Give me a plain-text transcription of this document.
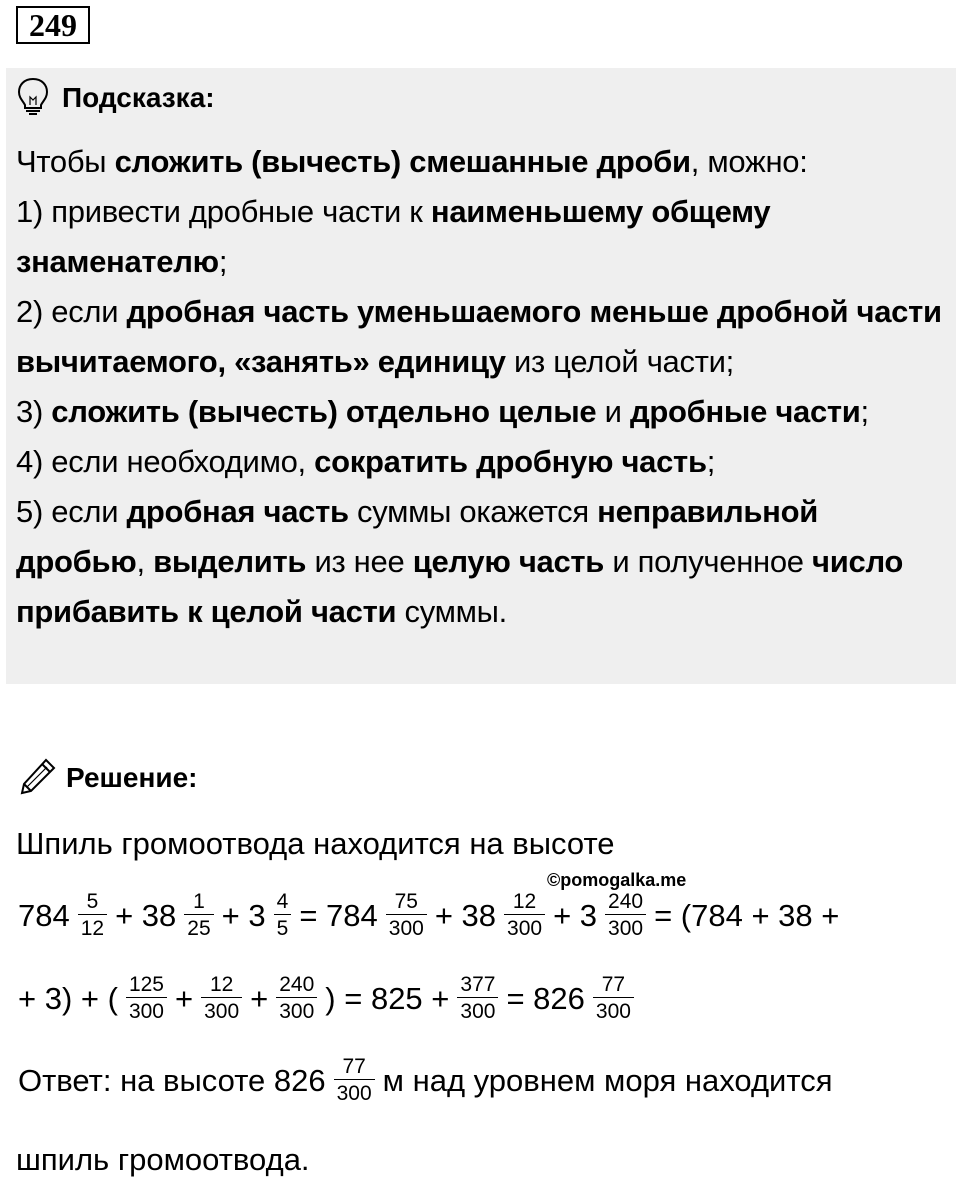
249
Подсказка:
Чтобы сложить (вычесть) смешанные дроби, можно:
1) привести дробные части к наименьшему общему знаменателю;
2) если дробная часть уменьшаемого меньше дробной части вычитаемого, «занять» единицу из целой части;
3) сложить (вычесть) отдельно целые и дробные части;
4) если необходимо, сократить дробную часть;
5) если дробная часть суммы окажется неправильной дробью, выделить из нее целую часть и полученное число прибавить к целой части суммы.
Решение:
Шпиль громоотвода находится на высоте
©pomogalka.me
$784 \frac{5}{12} + 38 \frac{1}{25} + 3 \frac{4}{5} = 784 \frac{75}{300} + 38 \frac{12}{300} + 3 \frac{240}{300} = (784 + 38$ +
+ 3) + ( $\frac{125}{300} + \frac{12}{300} + \frac{240}{300}$ ) = $825 + \frac{377}{300} = 826 \frac{77}{300}$
Ответ: на высоте $826 \frac{77}{300}$ м над уровнем моря находится
шпиль громоотвода.
